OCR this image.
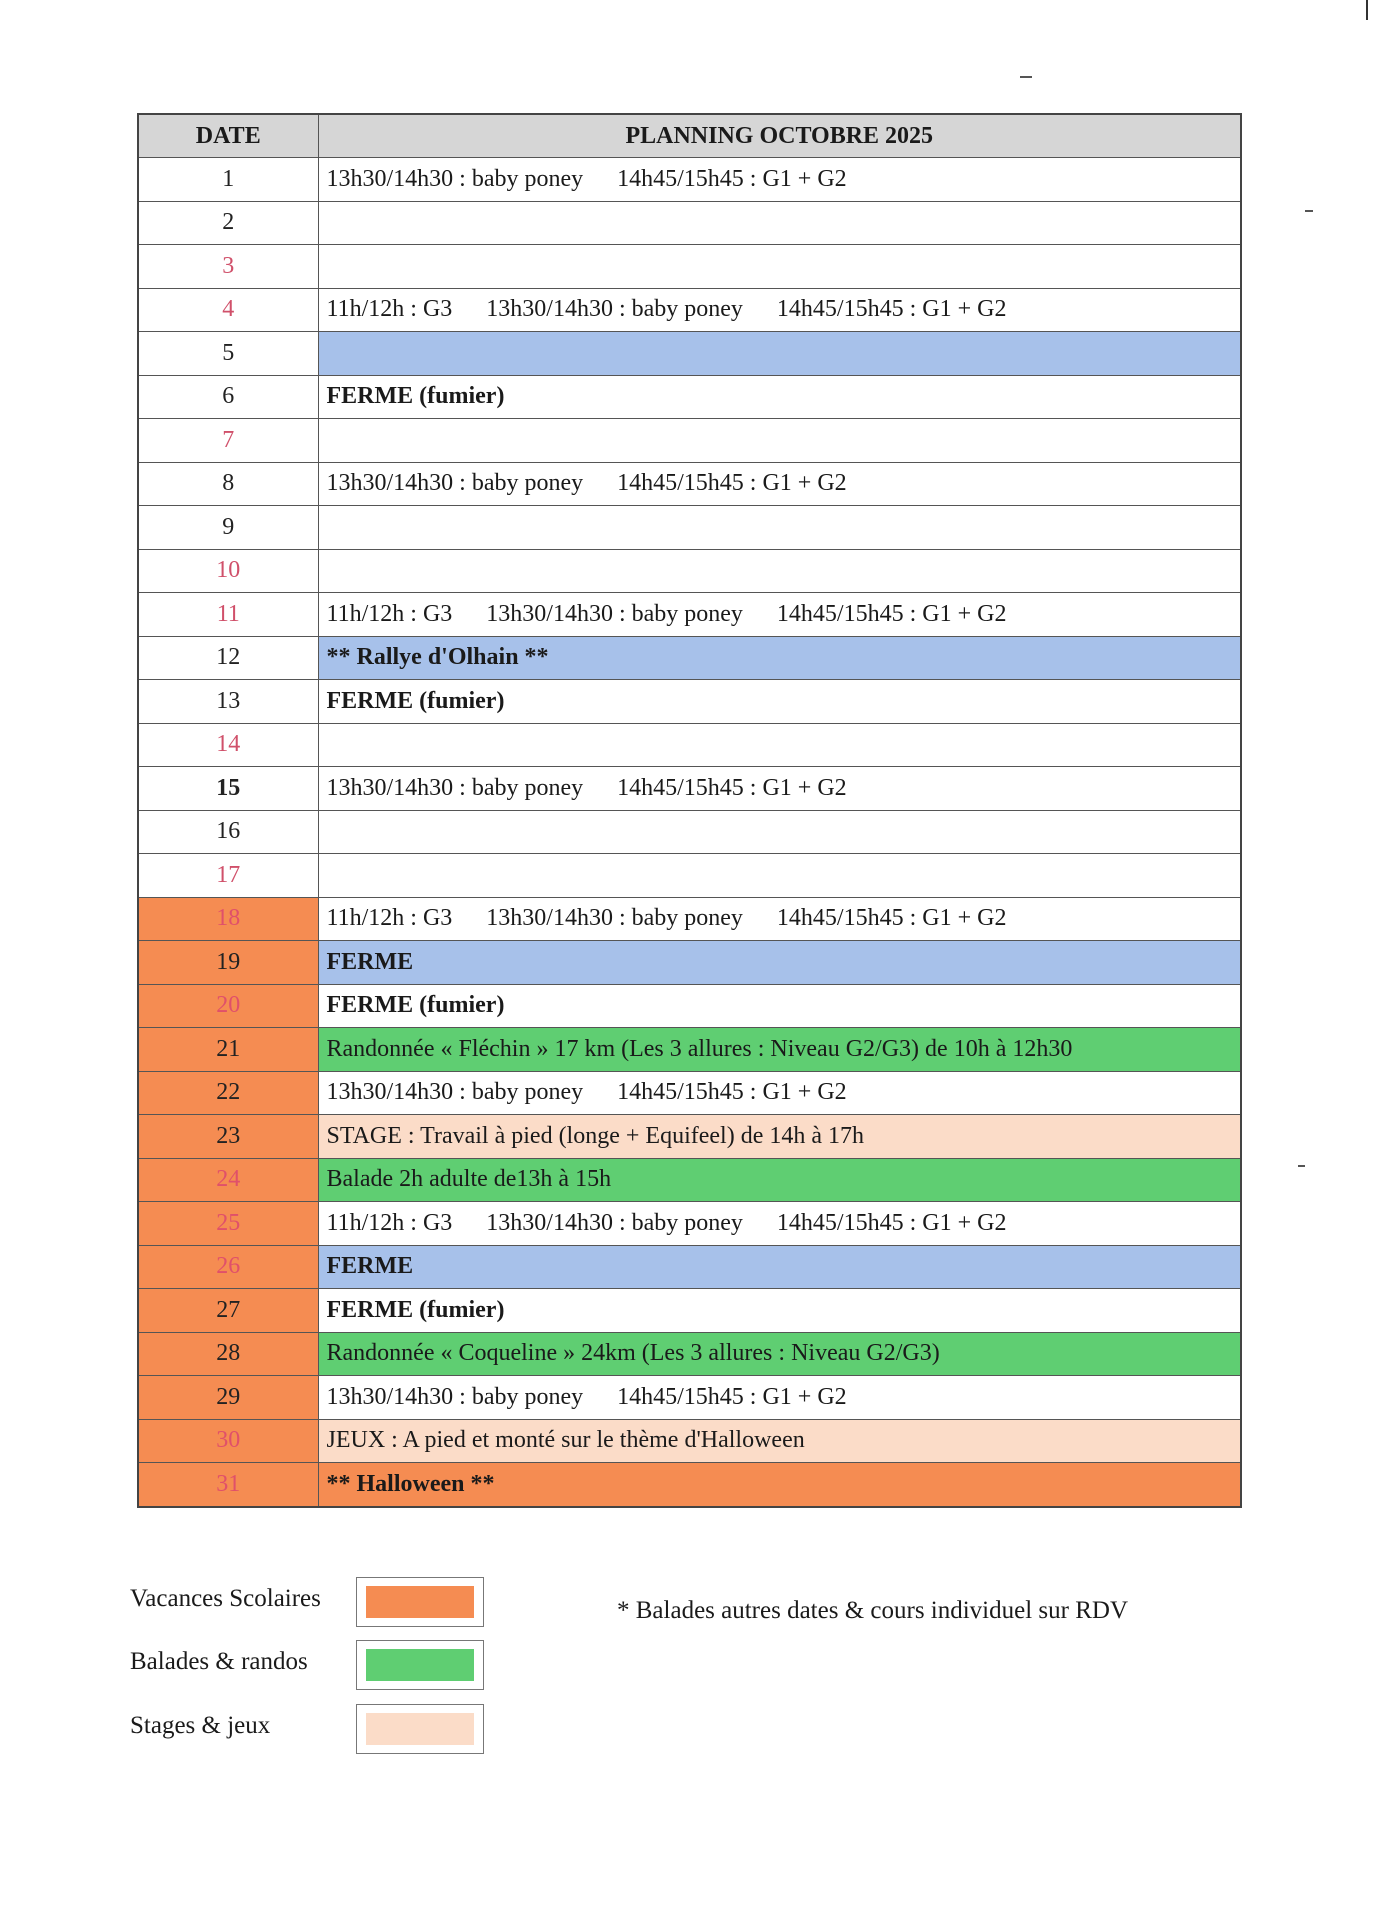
DATE	PLANNING OCTOBRE 2025
1	13h30/14h30 : baby poney 14h45/15h45 : G1 + G2
2	
3	
4	11h/12h : G3 13h30/14h30 : baby poney 14h45/15h45 : G1 + G2
5	
6	FERME (fumier)
7	
8	13h30/14h30 : baby poney 14h45/15h45 : G1 + G2
9	
10	
11	11h/12h : G3 13h30/14h30 : baby poney 14h45/15h45 : G1 + G2
12	** Rallye d'Olhain **
13	FERME (fumier)
14	
15	13h30/14h30 : baby poney 14h45/15h45 : G1 + G2
16	
17	
18	11h/12h : G3 13h30/14h30 : baby poney 14h45/15h45 : G1 + G2
19	FERME
20	FERME (fumier)
21	Randonnée « Fléchin » 17 km (Les 3 allures : Niveau G2/G3) de 10h à 12h30
22	13h30/14h30 : baby poney 14h45/15h45 : G1 + G2
23	STAGE : Travail à pied (longe + Equifeel) de 14h à 17h
24	Balade 2h adulte de13h à 15h
25	11h/12h : G3 13h30/14h30 : baby poney 14h45/15h45 : G1 + G2
26	FERME
27	FERME (fumier)
28	Randonnée « Coqueline » 24km (Les 3 allures : Niveau G2/G3)
29	13h30/14h30 : baby poney 14h45/15h45 : G1 + G2
30	JEUX : A pied et monté sur le thème d'Halloween
31	** Halloween **
Vacances Scolaires
Balades & randos
Stages & jeux
* Balades autres dates & cours individuel sur RDV
